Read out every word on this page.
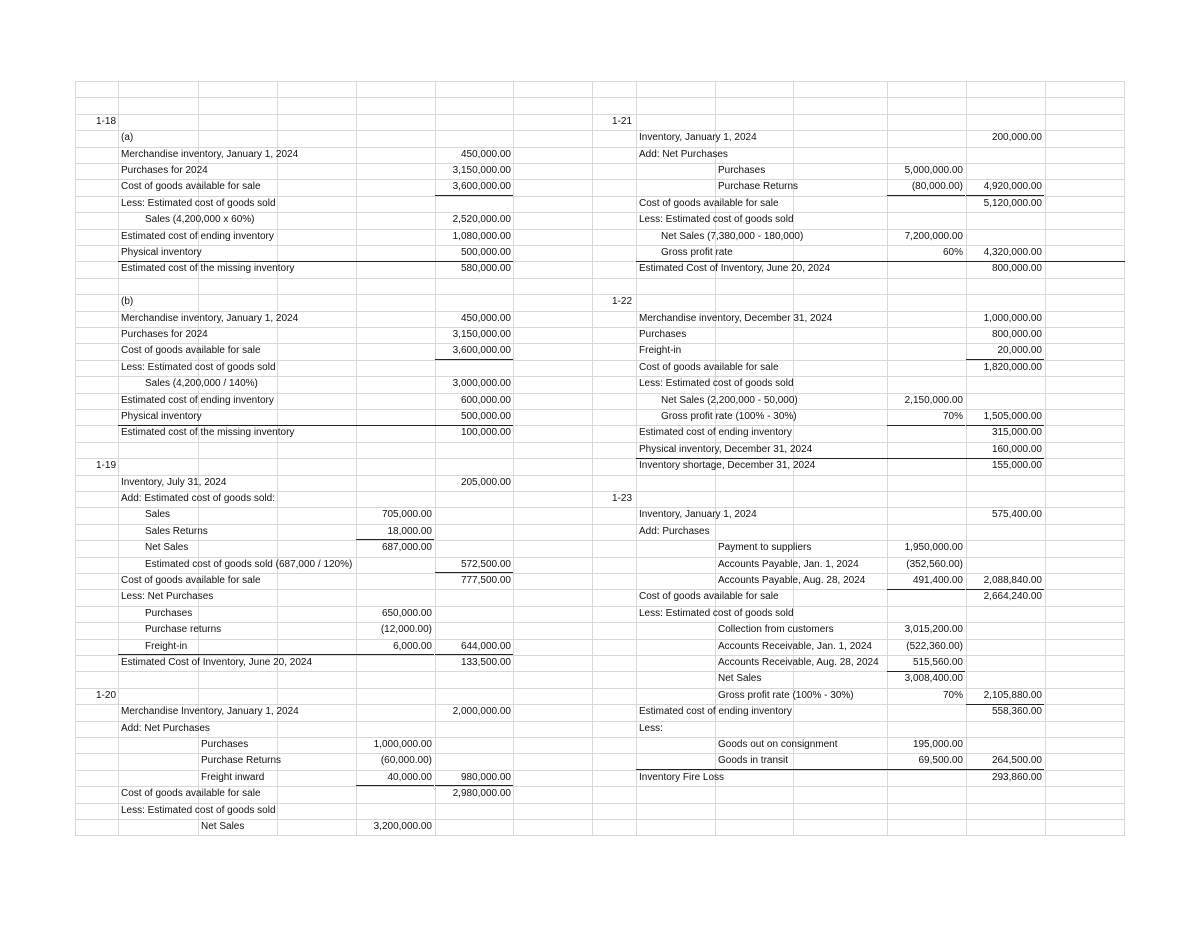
1-18
(a)
Merchandise inventory, January 1, 2024	450,000.00
Purchases for 2024	3,150,000.00
Cost of goods available for sale	3,600,000.00
Less: Estimated cost of goods sold
Sales (4,200,000 x 60%)	2,520,000.00
Estimated cost of ending inventory	1,080,000.00
Physical inventory	500,000.00
Estimated cost of the missing inventory	580,000.00
(b)
Merchandise inventory, January 1, 2024	450,000.00
Purchases for 2024	3,150,000.00
Cost of goods available for sale	3,600,000.00
Less: Estimated cost of goods sold
Sales (4,200,000 / 140%)	3,000,000.00
Estimated cost of ending inventory	600,000.00
Physical inventory	500,000.00
Estimated cost of the missing inventory	100,000.00
1-19
Inventory, July 31, 2024	205,000.00
Add: Estimated cost of goods sold:
Sales	705,000.00
Sales Returns	18,000.00
Net Sales	687,000.00
Estimated cost of goods sold (687,000 / 120%)	572,500.00
Cost of goods available for sale	777,500.00
Less: Net Purchases
Purchases	650,000.00
Purchase returns	(12,000.00)
Freight-in	6,000.00	644,000.00
Estimated Cost of Inventory, June 20, 2024	133,500.00
1-20
Merchandise Inventory, January 1, 2024	2,000,000.00
Add: Net Purchases
Purchases	1,000,000.00
Purchase Returns	(60,000.00)
Freight inward	40,000.00	980,000.00
Cost of goods available for sale	2,980,000.00
Less: Estimated cost of goods sold
Net Sales	3,200,000.00
1-21
Inventory, January 1, 2024	200,000.00
Add: Net Purchases
Purchases	5,000,000.00
Purchase Returns	(80,000.00)	4,920,000.00
Cost of goods available for sale	5,120,000.00
Less: Estimated cost of goods sold
Net Sales (7,380,000 - 180,000)	7,200,000.00
Gross profit rate	60%	4,320,000.00
Estimated Cost of Inventory, June 20, 2024	800,000.00
1-22
Merchandise inventory, December 31, 2024	1,000,000.00
Purchases	800,000.00
Freight-in	20,000.00
Cost of goods available for sale	1,820,000.00
Less: Estimated cost of goods sold
Net Sales (2,200,000 - 50,000)	2,150,000.00
Gross profit rate (100% - 30%)	70%	1,505,000.00
Estimated cost of ending inventory	315,000.00
Physical inventory, December 31, 2024	160,000.00
Inventory shortage, December 31, 2024	155,000.00
1-23
Inventory, January 1, 2024	575,400.00
Add: Purchases
Payment to suppliers	1,950,000.00
Accounts Payable, Jan. 1, 2024	(352,560.00)
Accounts Payable, Aug. 28, 2024	491,400.00	2,088,840.00
Cost of goods available for sale	2,664,240.00
Less: Estimated cost of goods sold
Collection from customers	3,015,200.00
Accounts Receivable, Jan. 1, 2024	(522,360.00)
Accounts Receivable, Aug. 28, 2024	515,560.00
Net Sales	3,008,400.00
Gross profit rate (100% - 30%)	70%	2,105,880.00
Estimated cost of ending inventory	558,360.00
Less:
Goods out on consignment	195,000.00
Goods in transit	69,500.00	264,500.00
Inventory Fire Loss	293,860.00
